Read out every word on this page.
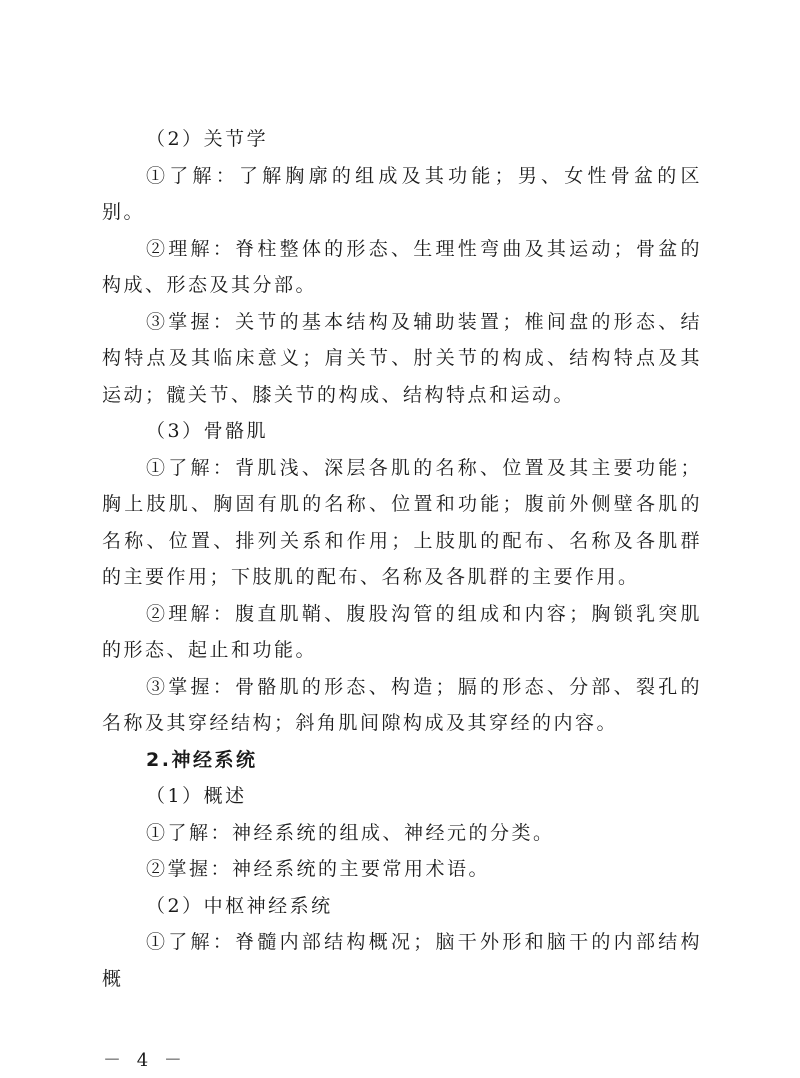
（2）关节学

①了解：了解胸廓的组成及其功能；男、女性骨盆的区别。

②理解：脊柱整体的形态、生理性弯曲及其运动；骨盆的构成、形态及其分部。

③掌握：关节的基本结构及辅助装置；椎间盘的形态、结构特点及其临床意义；肩关节、肘关节的构成、结构特点及其运动；髋关节、膝关节的构成、结构特点和运动。

（3）骨骼肌

①了解：背肌浅、深层各肌的名称、位置及其主要功能；胸上肢肌、胸固有肌的名称、位置和功能；腹前外侧壁各肌的名称、位置、排列关系和作用；上肢肌的配布、名称及各肌群的主要作用；下肢肌的配布、名称及各肌群的主要作用。

②理解：腹直肌鞘、腹股沟管的组成和内容；胸锁乳突肌的形态、起止和功能。

③掌握：骨骼肌的形态、构造；膈的形态、分部、裂孔的名称及其穿经结构；斜角肌间隙构成及其穿经的内容。

2.神经系统

（1）概述

①了解：神经系统的组成、神经元的分类。

②掌握：神经系统的主要常用术语。

（2）中枢神经系统

①了解：脊髓内部结构概况；脑干外形和脑干的内部结构概

－ 4 －
